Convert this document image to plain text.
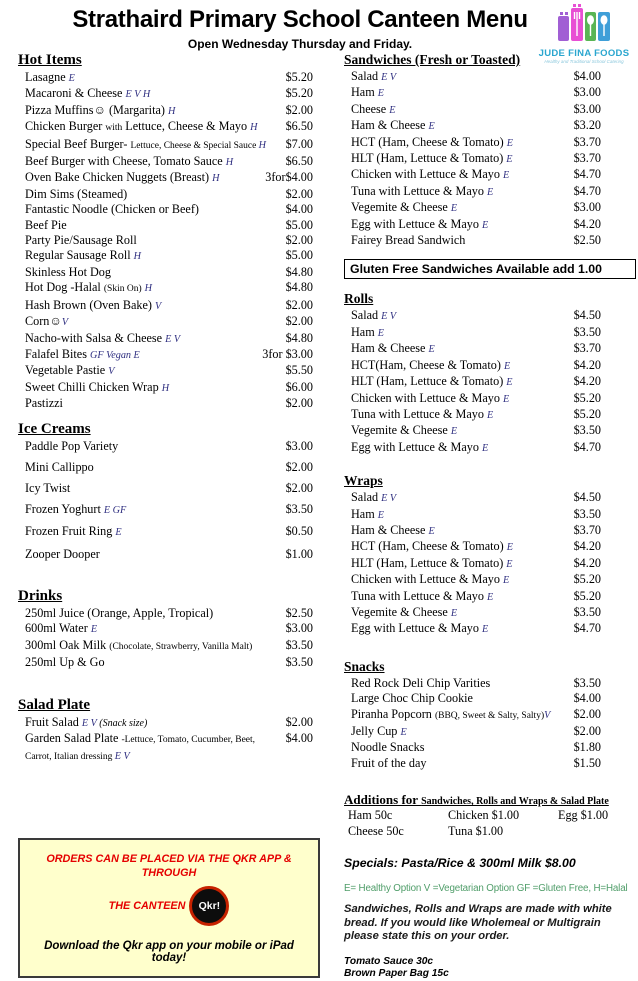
Strathaird Primary School Canteen Menu
Open Wednesday Thursday and Friday.
JUDE FINA FOODS
Healthy and Traditional School Catering
Hot Items
Lasagne E	$5.20
Macaroni & Cheese E V H	$5.20
Pizza Muffins☺ (Margarita) H	$2.00
Chicken Burger with Lettuce, Cheese & Mayo H	$6.50
Special Beef Burger- Lettuce, Cheese & Special Sauce H	$7.00
Beef Burger with Cheese, Tomato Sauce H	$6.50
Oven Bake Chicken Nuggets (Breast) H	3for$4.00
Dim Sims (Steamed)	$2.00
Fantastic Noodle (Chicken or Beef)	$4.00
Beef Pie	$5.00
Party Pie/Sausage Roll	$2.00
Regular Sausage Roll H	$5.00
Skinless Hot Dog	$4.80
Hot Dog -Halal (Skin On) H	$4.80
Hash Brown (Oven Bake) V	$2.00
Corn☺V	$2.00
Nacho-with Salsa & Cheese E V	$4.80
Falafel Bites GF Vegan E	3for $3.00
Vegetable Pastie V	$5.50
Sweet Chilli Chicken Wrap H	$6.00
Pastizzi	$2.00
Ice Creams
Paddle Pop Variety	$3.00
Mini Callippo	$2.00
Icy Twist	$2.00
Frozen Yoghurt E GF	$3.50
Frozen Fruit Ring E	$0.50
Zooper Dooper	$1.00
Drinks
250ml Juice (Orange, Apple, Tropical)	$2.50
600ml Water E	$3.00
300ml Oak Milk (Chocolate, Strawberry, Vanilla Malt)	$3.50
250ml Up & Go	$3.50
Salad Plate
Fruit Salad E V (Snack size)	$2.00
Garden Salad Plate -Lettuce, Tomato, Cucumber, Beet, Carrot, Italian dressing E V
$4.00
ORDERS CAN BE PLACED VIA THE QKR APP & THROUGH
THE CANTEEN	Qkr!
Download the Qkr app on your mobile or iPad today!
Sandwiches (Fresh or Toasted)
Salad E V	$4.00
Ham E	$3.00
Cheese E	$3.00
Ham & Cheese E	$3.20
HCT (Ham, Cheese & Tomato) E	$3.70
HLT (Ham, Lettuce & Tomato) E	$3.70
Chicken with Lettuce & Mayo E	$4.70
Tuna with Lettuce & Mayo E	$4.70
Vegemite & Cheese E	$3.00
Egg with Lettuce & Mayo E	$4.20
Fairey Bread Sandwich	$2.50
Gluten Free Sandwiches Available add 1.00
Rolls
Salad E V	$4.50
Ham E	$3.50
Ham & Cheese E	$3.70
HCT(Ham, Cheese & Tomato) E	$4.20
HLT (Ham, Lettuce & Tomato) E	$4.20
Chicken with Lettuce & Mayo E	$5.20
Tuna with Lettuce & Mayo E	$5.20
Vegemite & Cheese E	$3.50
Egg with Lettuce & Mayo E	$4.70
Wraps
Salad E V	$4.50
Ham E	$3.50
Ham & Cheese E	$3.70
HCT (Ham, Cheese & Tomato) E	$4.20
HLT (Ham, Lettuce & Tomato) E	$4.20
Chicken with Lettuce & Mayo E	$5.20
Tuna with Lettuce & Mayo E	$5.20
Vegemite & Cheese E	$3.50
Egg with Lettuce & Mayo E	$4.70
Snacks
Red Rock Deli Chip Varities	$3.50
Large Choc Chip Cookie	$4.00
Piranha Popcorn (BBQ, Sweet & Salty, Salty)V	$2.00
Jelly Cup E	$2.00
Noodle Snacks	$1.80
Fruit of the day	$1.50
Additions for Sandwiches, Rolls and Wraps & Salad Plate
Ham 50c	Chicken $1.00	Egg $1.00
Cheese 50c	Tuna $1.00
Specials: Pasta/Rice & 300ml Milk $8.00
E= Healthy Option V =Vegetarian Option GF =Gluten Free, H=Halal
Sandwiches, Rolls and Wraps are made with white bread. If you would like Wholemeal or Multigrain please state this on your order.
Tomato Sauce 30c
Brown Paper Bag 15c
